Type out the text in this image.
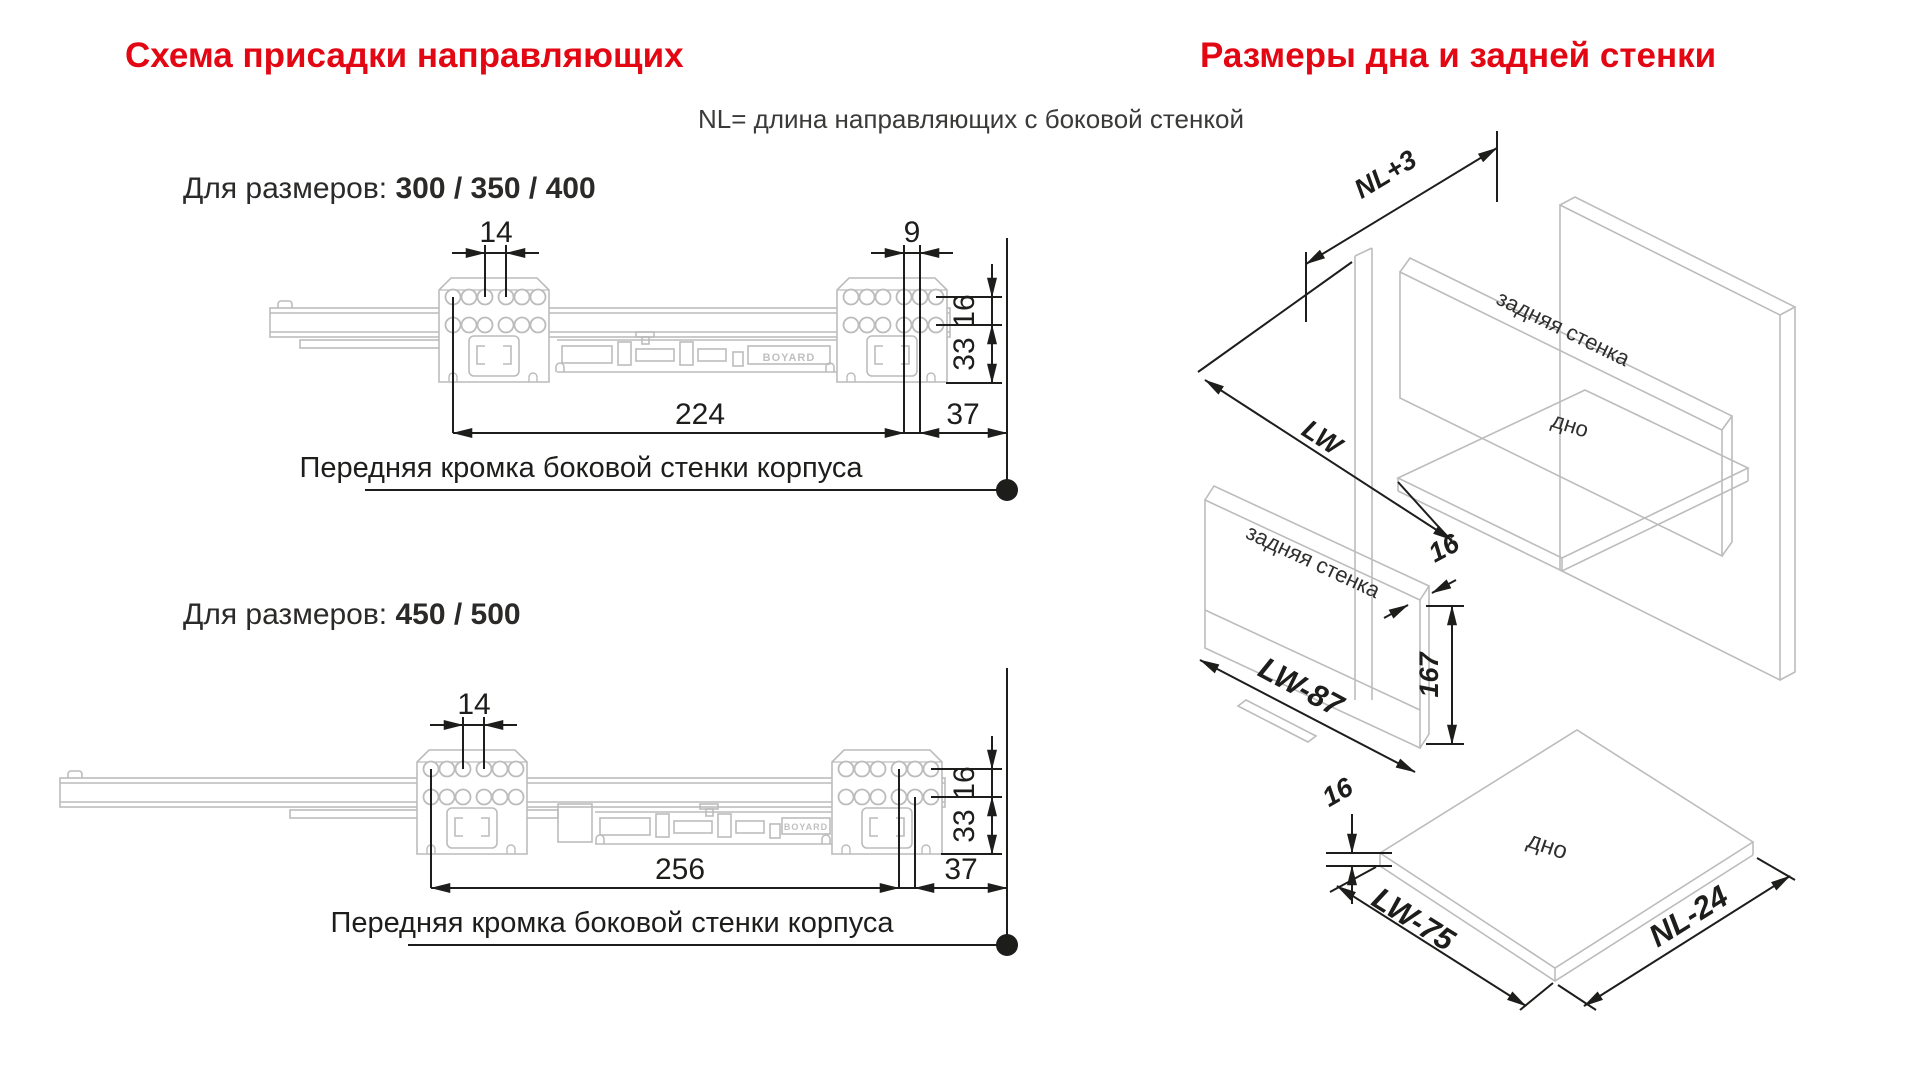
Схема присадки направляющих	Размеры дна и задней стенки
NL= длина направляющих с боковой стенкой
Для размеров: 300 / 350 / 400
Для размеров: 450 / 500
BOYARD
14	9
16
33
224	37
Передняя кромка боковой стенки корпуса
BOYARD
14
16
33
256	37
Передняя кромка боковой стенки корпуса
задняя стенка
дно
NL+3
LW
задняя стенка
LW-87
16
167
дно
16
LW-75	NL-24
